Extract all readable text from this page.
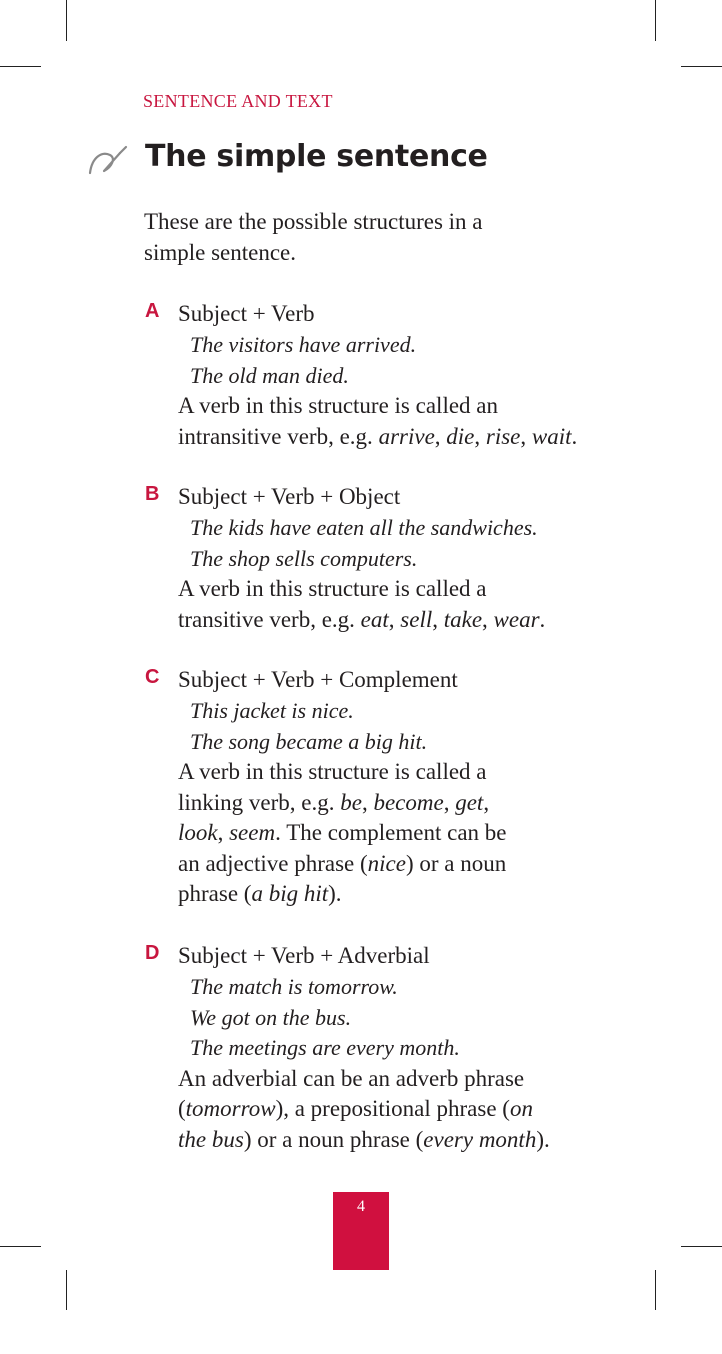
SENTENCE AND TEXT
The simple sentence
These are the possible structures in a
simple sentence.
A Subject + Verb
The visitors have arrived.
The old man died.
A verb in this structure is called an
intransitive verb, e.g. arrive, die, rise, wait.
B Subject + Verb + Object
The kids have eaten all the sandwiches.
The shop sells computers.
A verb in this structure is called a
transitive verb, e.g. eat, sell, take, wear.
C Subject + Verb + Complement
This jacket is nice.
The song became a big hit.
A verb in this structure is called a
linking verb, e.g. be, become, get,
look, seem. The complement can be
an adjective phrase (nice) or a noun
phrase (a big hit).
D Subject + Verb + Adverbial
The match is tomorrow.
We got on the bus.
The meetings are every month.
An adverbial can be an adverb phrase
(tomorrow), a prepositional phrase (on
the bus) or a noun phrase (every month).
4
